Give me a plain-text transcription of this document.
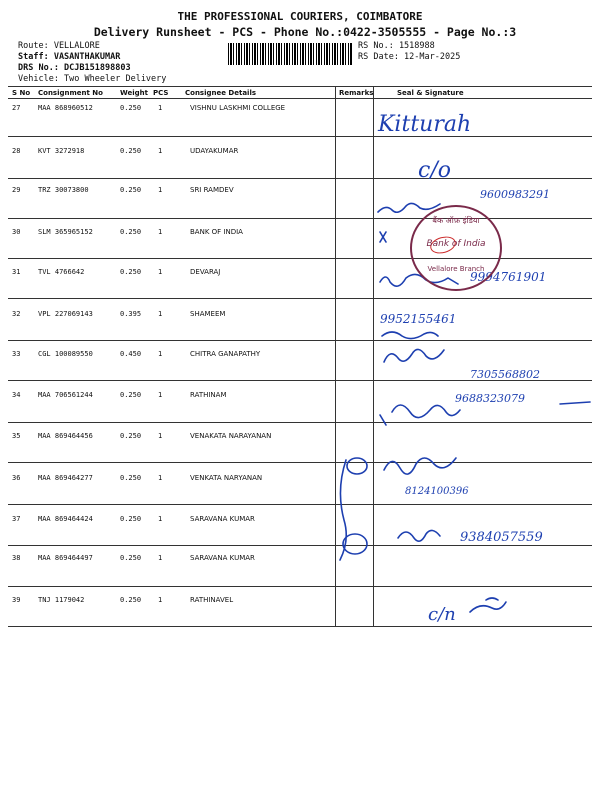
THE PROFESSIONAL COURIERS, COIMBATORE
Delivery Runsheet - PCS - Phone No.:0422-3505555 - Page No.:3
Route: VELLALORE
Staff: VASANTHAKUMAR
DRS No.: DCJB151898803
Vehicle: Two Wheeler Delivery
RS No.: 1518988
RS Date: 12-Mar-2025
S No Consignment No Weight PCS Consignee Details	Remarks	Seal & Signature
27	MAA 868960512	0.250 1	VISHNU LASKHMI COLLEGE
28	KVT 3272918	0.250 1	UDAYAKUMAR
29	TRZ 30073800	0.250 1	SRI RAMDEV
30	SLM 365965152	0.250 1	BANK OF INDIA
31	TVL 4766642	0.250 1	DEVARAJ
32	VPL 227069143	0.395 1	SHAMEEM
33	CGL 100089550	0.450 1	CHITRA GANAPATHY
34	MAA 706561244	0.250 1	RATHINAM
35	MAA 869464456	0.250 1	VENAKATA NARAYANAN
36	MAA 869464277	0.250 1	VENKATA NARYANAN
37	MAA 869464424	0.250 1	SARAVANA KUMAR
38	MAA 869464497	0.250 1	SARAVANA KUMAR
39	TNJ 1179042	0.250 1	RATHINAVEL
Kitturah
c/o
9600983291
9994761901
9952155461
7305568802
9688323079
8124100396
9384057559
c/n
बैंक ऑफ़ इंडिया
Bank of India
Vellalore Branch
